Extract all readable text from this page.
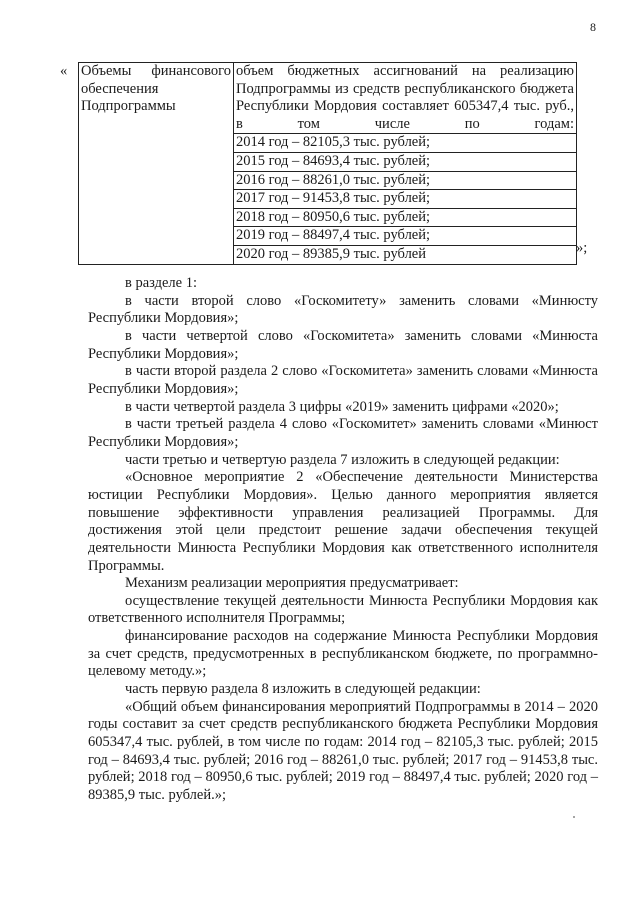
8
« Объемы финансового обеспечения Подпрограммы

объем бюджетных ассигнований на реализацию Подпрограммы из средств республиканского бюджета Республики Мордовия составляет 605347,4 тыс. руб., в том числе по годам:
2014 год – 82105,3 тыс. рублей;
2015 год – 84693,4 тыс. рублей;
2016 год – 88261,0 тыс. рублей;
2017 год – 91453,8 тыс. рублей;
2018 год – 80950,6 тыс. рублей;
2019 год – 88497,4 тыс. рублей;
2020 год – 89385,9 тыс. рублей	»;

в разделе 1:

в части второй слово «Госкомитету» заменить словами «Минюсту Республики Мордовия»;

в части четвертой слово «Госкомитета» заменить словами «Минюста Республики Мордовия»;

в части второй раздела 2 слово «Госкомитета» заменить словами «Минюста Республики Мордовия»;

в части четвертой раздела 3 цифры «2019» заменить цифрами «2020»;

в части третьей раздела 4 слово «Госкомитет» заменить словами «Минюст Республики Мордовия»;

части третью и четвертую раздела 7 изложить в следующей редакции:

«Основное мероприятие 2 «Обеспечение деятельности Министерства юстиции Республики Мордовия». Целью данного мероприятия является повышение эффективности управления реализацией Программы. Для достижения этой цели предстоит решение задачи обеспечения текущей деятельности Минюста Республики Мордовия как ответственного исполнителя Программы.

Механизм реализации мероприятия предусматривает:

осуществление текущей деятельности Минюста Республики Мордовия как ответственного исполнителя Программы;

финансирование расходов на содержание Минюста Республики Мордовия за счет средств, предусмотренных в республиканском бюджете, по программно-целевому методу.»;

часть первую раздела 8 изложить в следующей редакции:

«Общий объем финансирования мероприятий Подпрограммы в 2014 – 2020 годы составит за счет средств республиканского бюджета Республики Мордовия 605347,4 тыс. рублей, в том числе по годам: 2014 год – 82105,3 тыс. рублей; 2015 год – 84693,4 тыс. рублей; 2016 год – 88261,0 тыс. рублей; 2017 год – 91453,8 тыс. рублей; 2018 год – 80950,6 тыс. рублей; 2019 год – 88497,4 тыс. рублей; 2020 год – 89385,9 тыс. рублей.»;
